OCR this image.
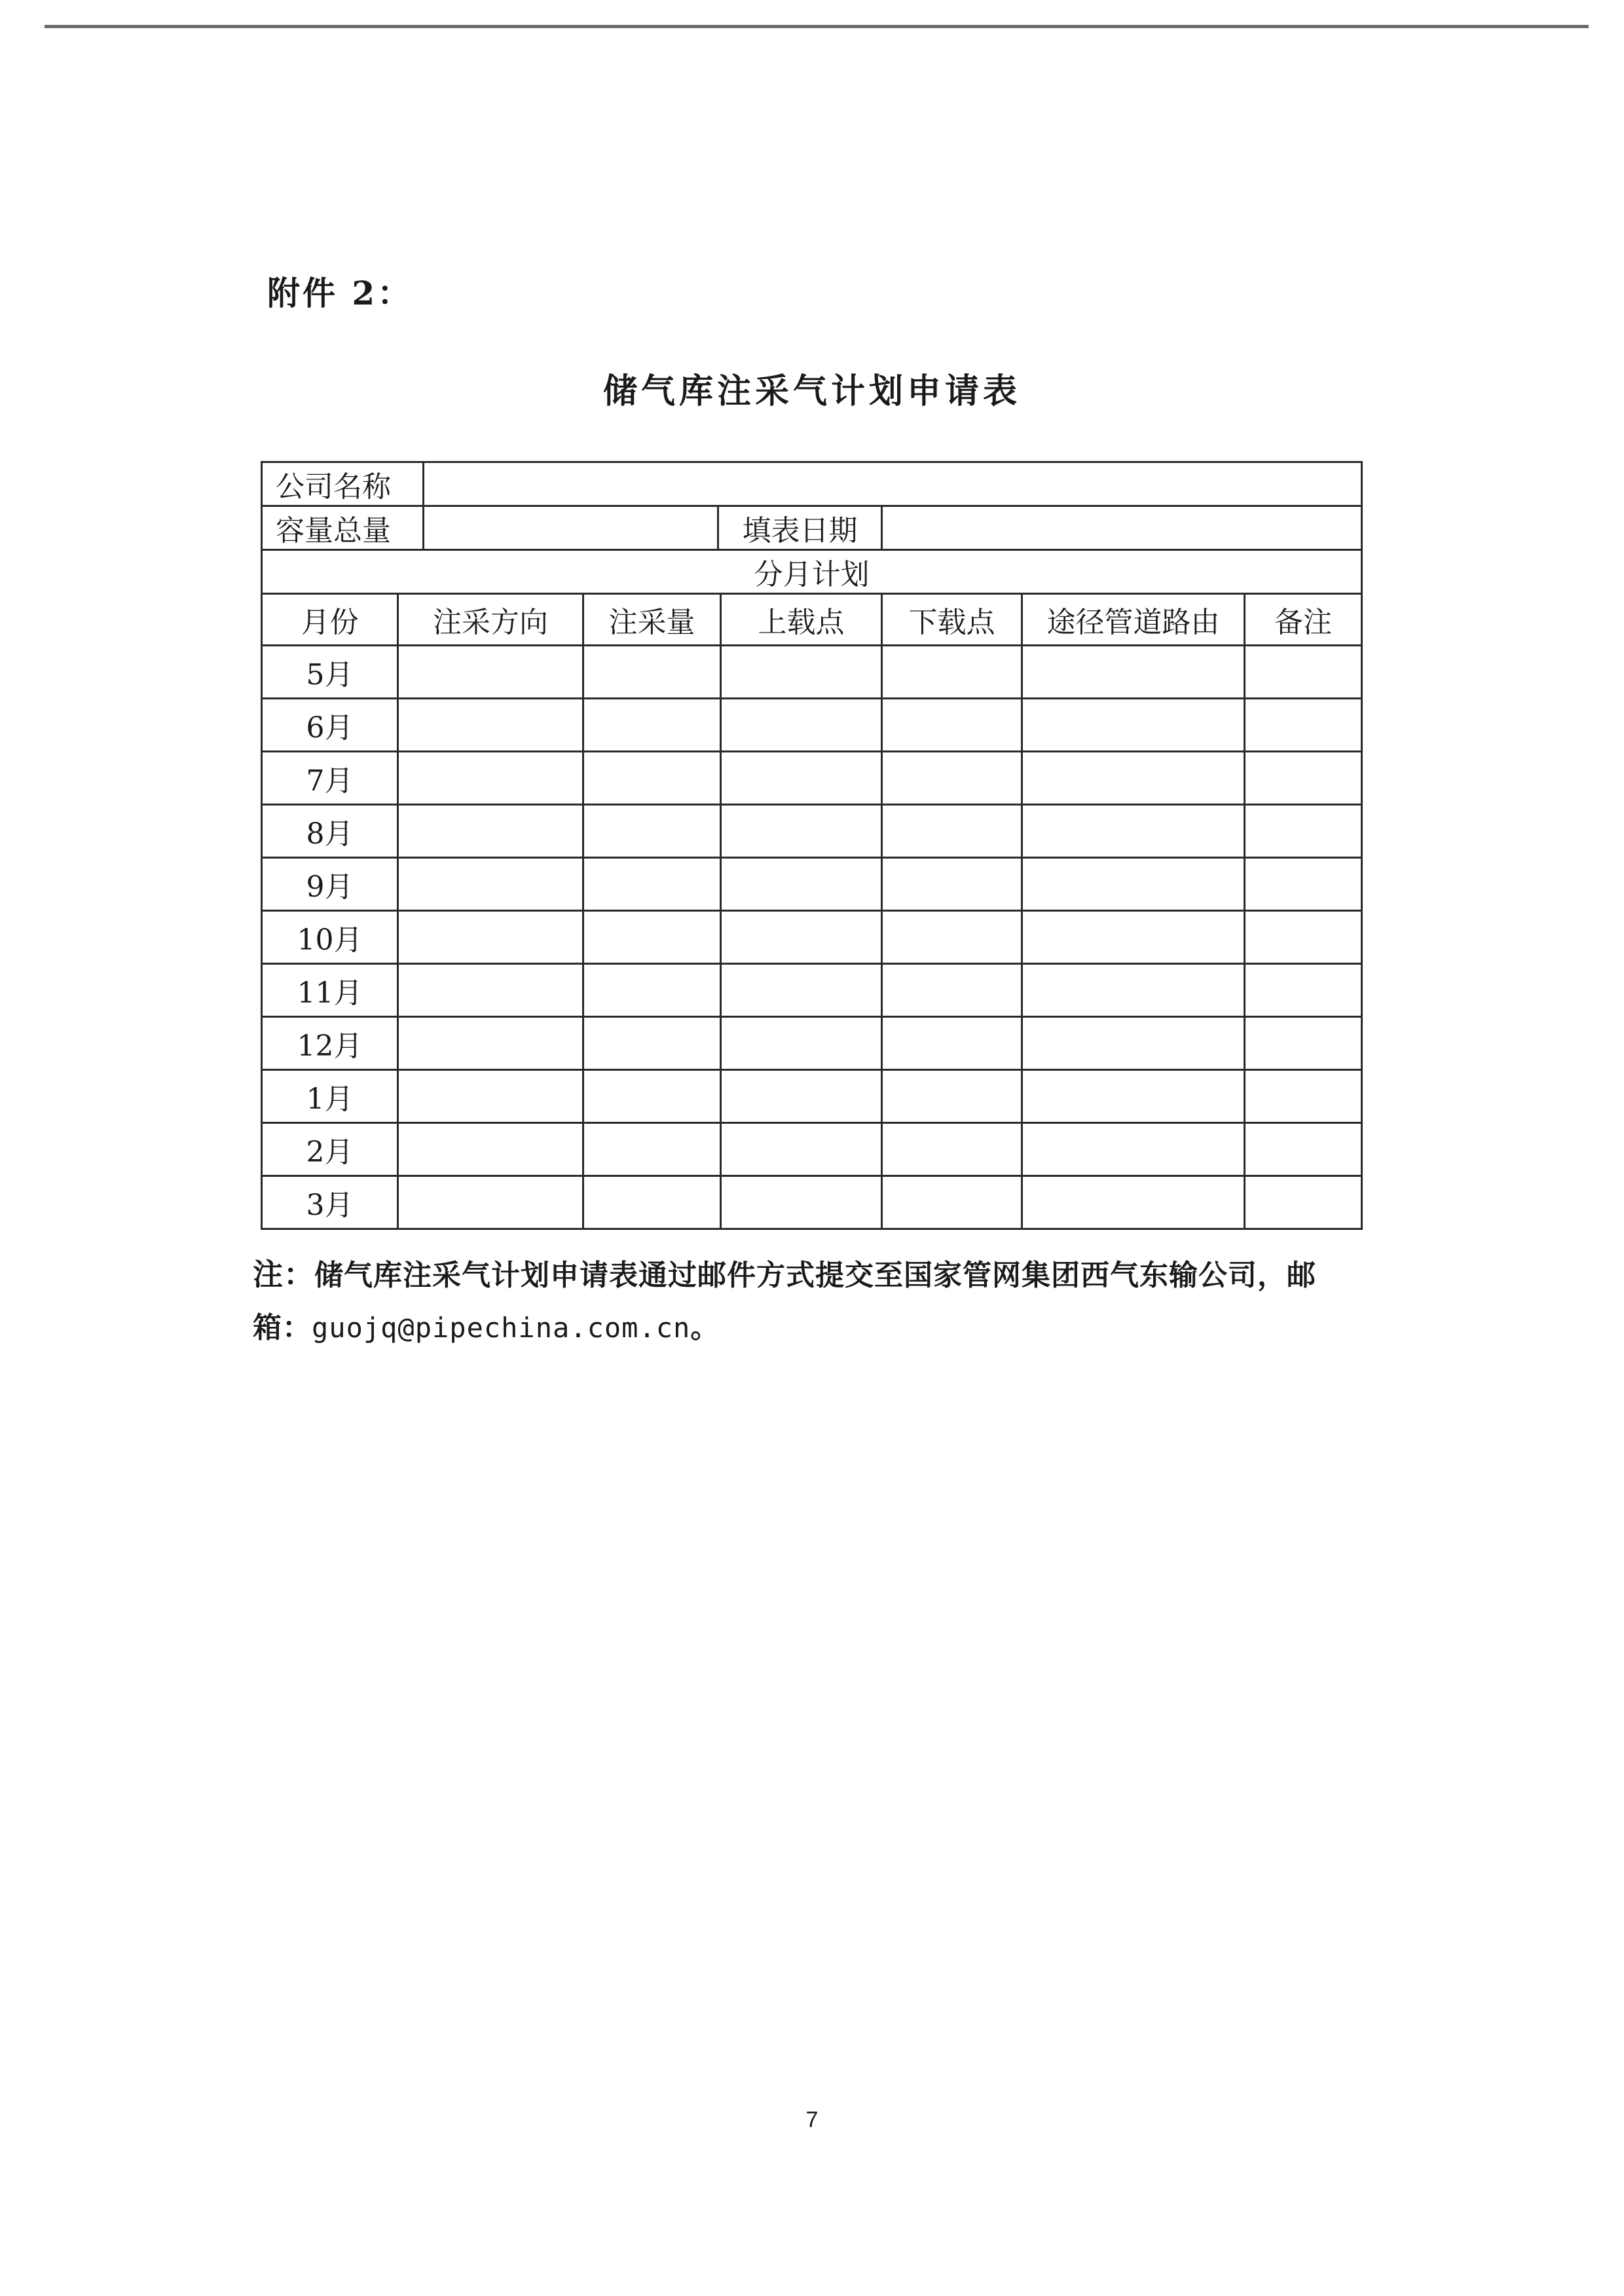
附件 2：
储气库注采气计划申请表
公司名称			
容量总量		填表日期	
分月计划			
月份	注采方向	注采量	上载点	下载点	途径管道路由	备注
5月						
6月						
7月						
8月						
9月						
10月						
11月						
12月						
1月						
2月						
3月						
注：储气库注采气计划申请表通过邮件方式提交至国家管网集团西气东输公司，邮箱：guojq@pipechina.com.cn。
7
